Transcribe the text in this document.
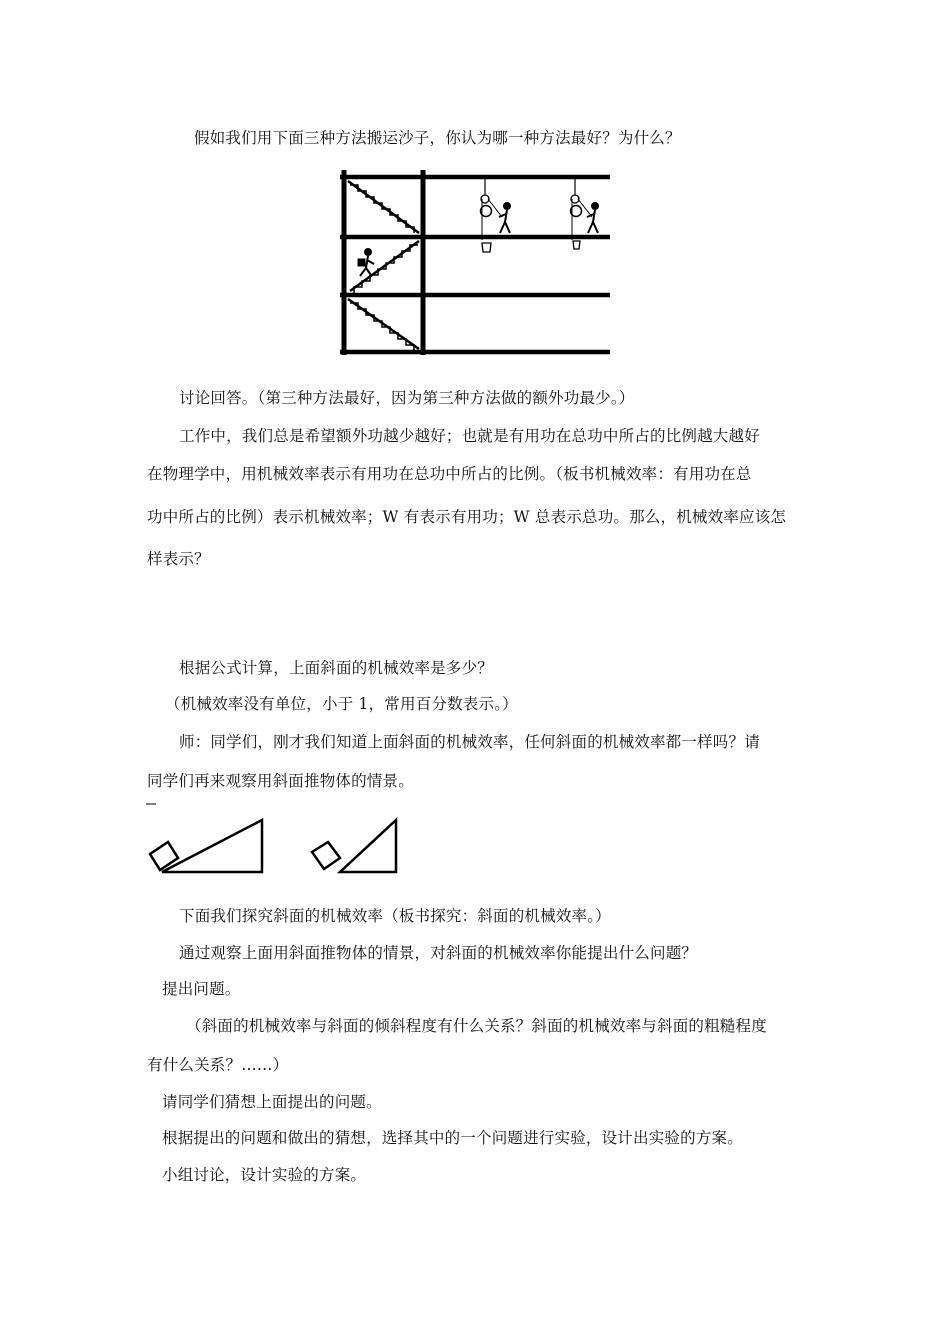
假如我们用下面三种方法搬运沙子，你认为哪一种方法最好？为什么？
讨论回答。（第三种方法最好，因为第三种方法做的额外功最少。）
工作中，我们总是希望额外功越少越好；也就是有用功在总功中所占的比例越大越好
在物理学中，用机械效率表示有用功在总功中所占的比例。（板书机械效率：有用功在总
功中所占的比例）表示机械效率；W 有表示有用功；W 总表示总功。那么，机械效率应该怎
样表示？
根据公式计算，上面斜面的机械效率是多少？
（机械效率没有单位，小于 1，常用百分数表示。）
师：同学们，刚才我们知道上面斜面的机械效率，任何斜面的机械效率都一样吗？请
同学们再来观察用斜面推物体的情景。
下面我们探究斜面的机械效率（板书探究：斜面的机械效率。）
通过观察上面用斜面推物体的情景，对斜面的机械效率你能提出什么问题？
提出问题。
（斜面的机械效率与斜面的倾斜程度有什么关系？斜面的机械效率与斜面的粗糙程度
有什么关系？……）
请同学们猜想上面提出的问题。
根据提出的问题和做出的猜想，选择其中的一个问题进行实验，设计出实验的方案。
小组讨论，设计实验的方案。
